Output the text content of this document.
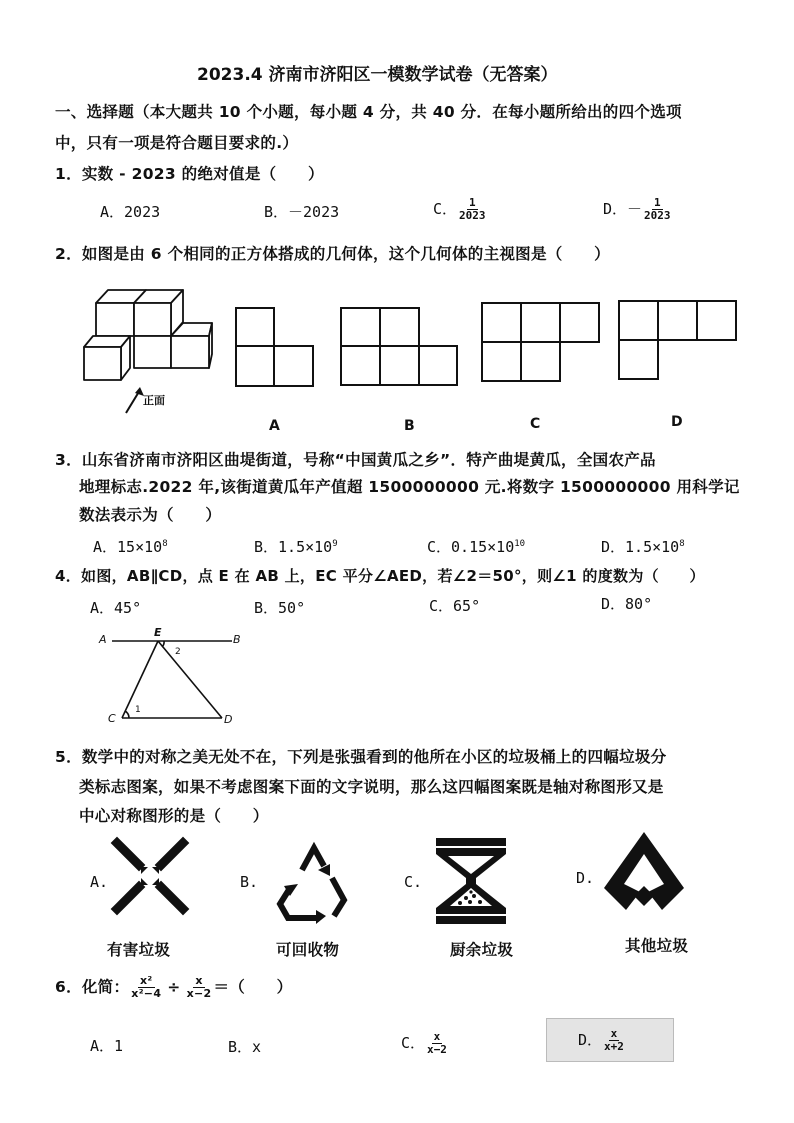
2023.4 济南市济阳区一模数学试卷（无答案）
一、选择题（本大题共 10 个小题，每小题 4 分，共 40 分．在每小题所给出的四个选项
中，只有一项是符合题目要求的.）
1．实数 - 2023 的绝对值是（　　）
A．2023	B．－2023	C． $\frac{1}{2023}$	D．－ $\frac{1}{2023}$
2．如图是由 6 个相同的正方体搭成的几何体，这个几何体的主视图是（　　）
正面
A	B	C	D
3．山东省济南市济阳区曲堤街道，号称“中国黄瓜之乡”．特产曲堤黄瓜，全国农产品
地理标志.2022 年,该街道黄瓜年产值超 1500000000 元.将数字 1500000000 用科学记
数法表示为（　　）
A．$15\times 10^8$	B．$1.5\times 10^9$	C．$0.15\times 10^{10}$	D．$1.5\times 10^8$
4．如图，AB∥CD，点 E 在 AB 上，EC 平分∠AED，若∠2＝50°，则∠1 的度数为（　　）
A．45°	B．50°	C．65°	D．80°
A
E
B
C	D
1
2
5．数学中的对称之美无处不在，下列是张强看到的他所在小区的垃圾桶上的四幅垃圾分
类标志图案，如果不考虑图案下面的文字说明，那么这四幅图案既是轴对称图形又是
中心对称图形的是（　　）
A.
有害垃圾
B.
可回收物
C.
厨余垃圾
D.
其他垃圾
6．化简： $\frac{\text{x²}}{\text{x²−4}} \div \frac{x}{x-2}$ ＝（　　）
A．1	B．x	C． $\frac{x}{x-2}$	D． $\frac{x}{x+2}$
